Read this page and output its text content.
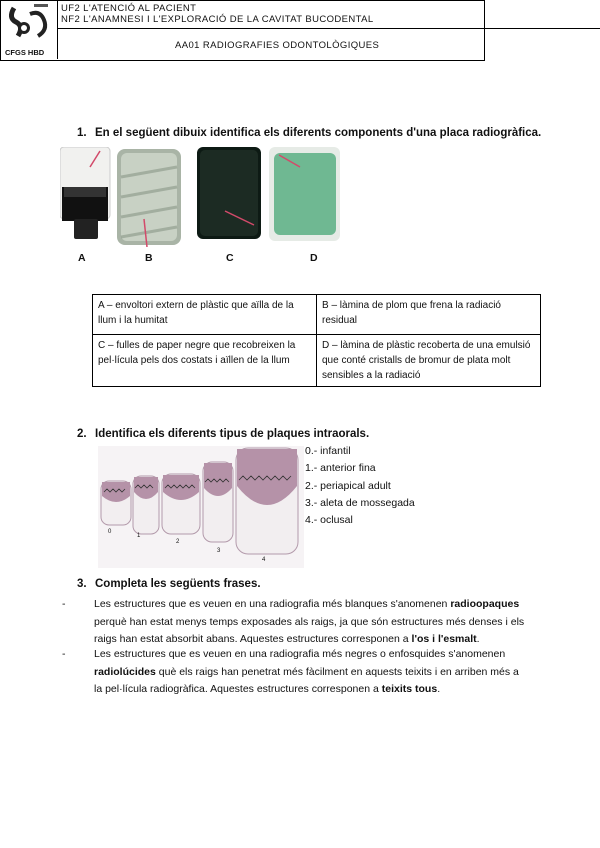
CFGS HBD
UF2 L'ATENCIÓ AL PACIENT
NF2 L'ANAMNESI I L'EXPLORACIÓ DE LA CAVITAT BUCODENTAL
AA01 RADIOGRAFIES ODONTOLÒGIQUES
1. En el següent dibuix identifica els diferents components d'una placa radiogràfica.
A	B	C	D
A – envoltori extern de plàstic que aïlla de la llum i la humitat	B – làmina de plom que frena la radiació residual
C – fulles de paper negre que recobreixen la pel·lícula pels dos costats i aïllen de la llum	D – làmina de plàstic recoberta de una emulsió que conté cristalls de bromur de plata molt sensibles a la radiació
2. Identifica els diferents tipus de plaques intraorals.
0
1
2
3
4
0.- infantil
1.- anterior fina
2.- periapical adult
3.- aleta de mossegada
4.- oclusal
3. Completa les següents frases.
-	Les estructures que es veuen en una radiografia més blanques s'anomenen radioopaques
perquè han estat menys temps exposades als raigs, ja que són estructures més denses i els
raigs han estat absorbit abans. Aquestes estructures corresponen a l'os i l'esmalt.
-	Les estructures que es veuen en una radiografia més negres o enfosquides s'anomenen
radiolúcides què els raigs han penetrat més fàcilment en aquests teixits i en arriben més a
la pel·lícula radiogràfica. Aquestes estructures corresponen a teixits tous.
